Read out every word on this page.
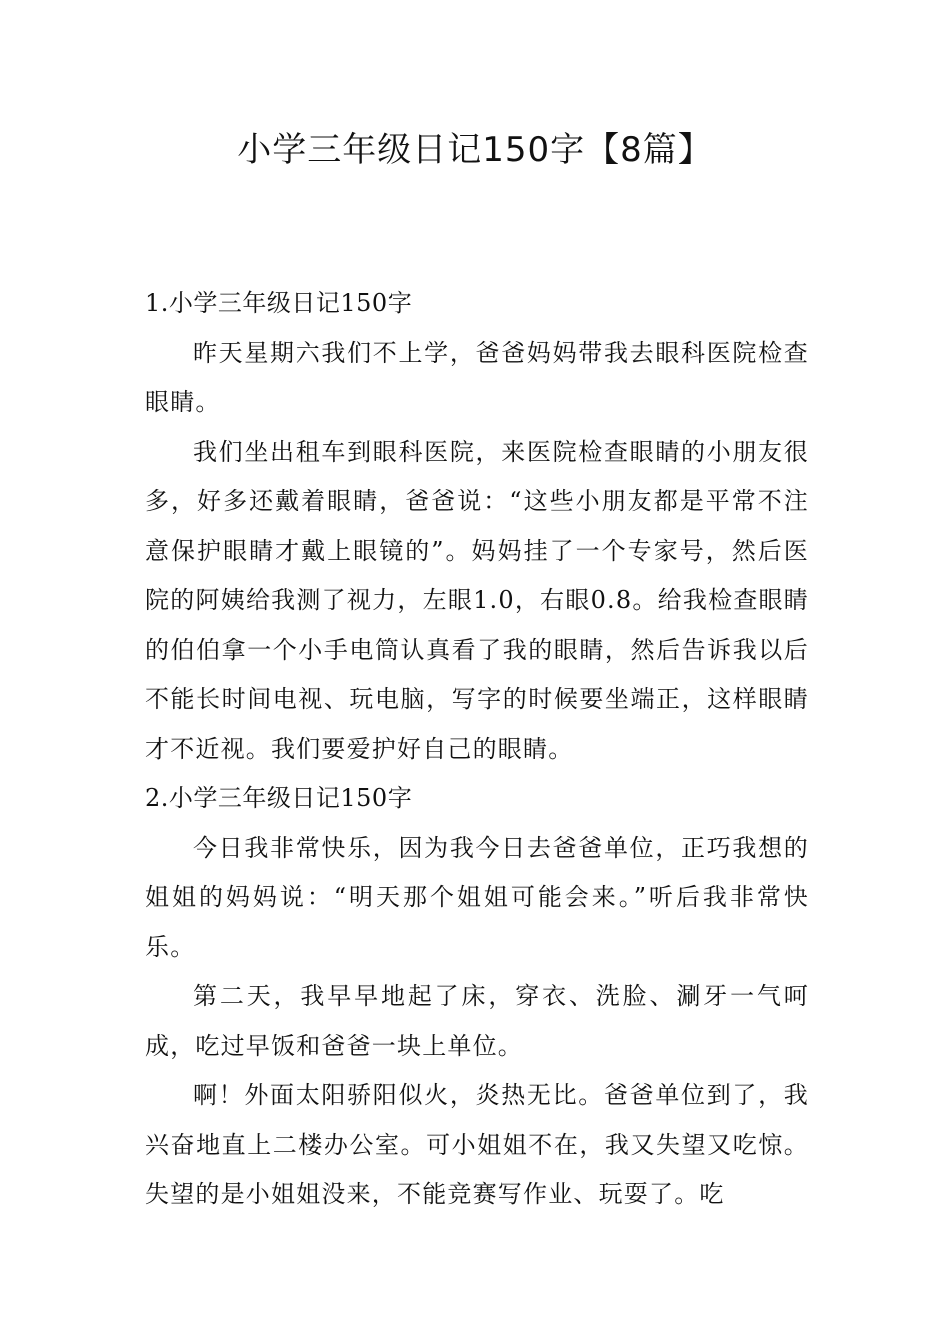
小学三年级日记150字【8篇】
1.小学三年级日记150字

昨天星期六我们不上学，爸爸妈妈带我去眼科医院检查眼睛。

我们坐出租车到眼科医院，来医院检查眼睛的小朋友很多，好多还戴着眼睛，爸爸说：“这些小朋友都是平常不注意保护眼睛才戴上眼镜的”。妈妈挂了一个专家号，然后医院的阿姨给我测了视力，左眼1.0，右眼0.8。给我检查眼睛的伯伯拿一个小手电筒认真看了我的眼睛，然后告诉我以后不能长时间电视、玩电脑，写字的时候要坐端正，这样眼睛才不近视。我们要爱护好自己的眼睛。

2.小学三年级日记150字

今日我非常快乐，因为我今日去爸爸单位，正巧我想的姐姐的妈妈说：“明天那个姐姐可能会来。”听后我非常快乐。

第二天，我早早地起了床，穿衣、洗脸、涮牙一气呵成，吃过早饭和爸爸一块上单位。

啊！外面太阳骄阳似火，炎热无比。爸爸单位到了，我兴奋地直上二楼办公室。可小姐姐不在，我又失望又吃惊。失望的是小姐姐没来，不能竞赛写作业、玩耍了。吃
